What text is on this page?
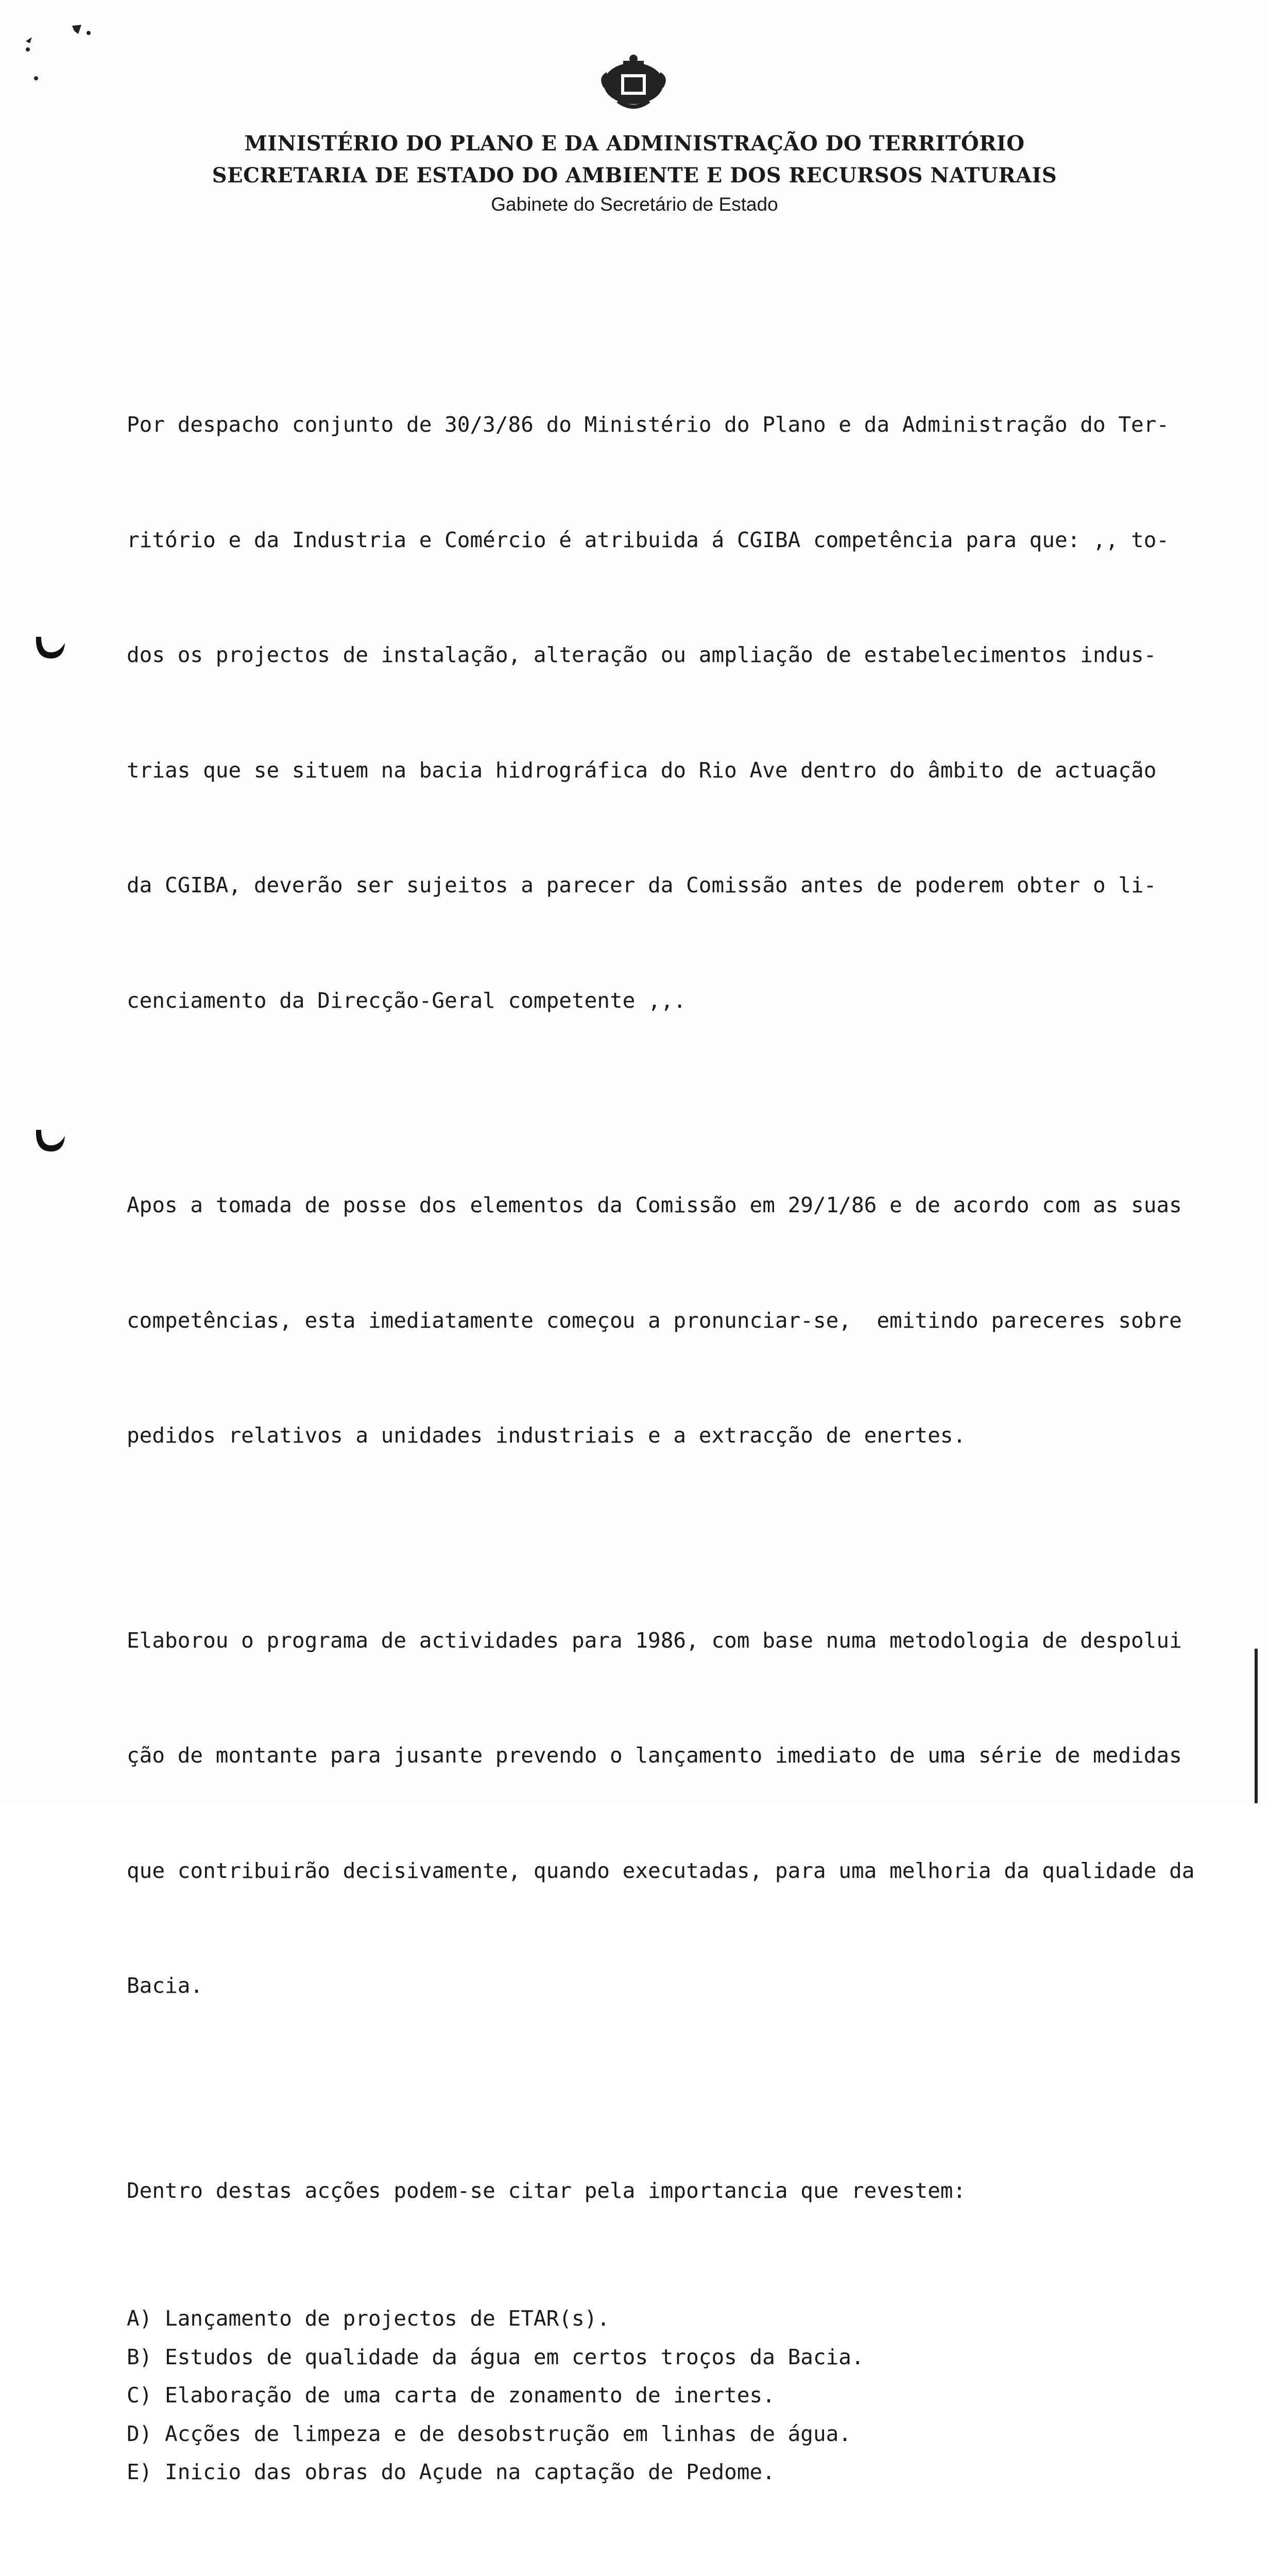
MINISTÉRIO DO PLANO E DA ADMINISTRAÇÃO DO TERRITÓRIO
SECRETARIA DE ESTADO DO AMBIENTE E DOS RECURSOS NATURAIS
Gabinete do Secretário de Estado

Por despacho conjunto de 30/3/86 do Ministério do Plano e da Administração do Ter-

ritório e da Industria e Comércio é atribuida á CGIBA competência para que: ,, to-

dos os projectos de instalação, alteração ou ampliação de estabelecimentos indus-

trias que se situem na bacia hidrográfica do Rio Ave dentro do âmbito de actuação

da CGIBA, deverão ser sujeitos a parecer da Comissão antes de poderem obter o li-

cenciamento da Direcção-Geral competente ,,.

Apos a tomada de posse dos elementos da Comissão em 29/1/86 e de acordo com as suas

competências, esta imediatamente começou a pronunciar-se,  emitindo pareceres sobre

pedidos relativos a unidades industriais e a extracção de enertes.

Elaborou o programa de actividades para 1986, com base numa metodologia de despolui

ção de montante para jusante prevendo o lançamento imediato de uma série de medidas

que contribuirão decisivamente, quando executadas, para uma melhoria da qualidade da

Bacia.

Dentro destas acções podem-se citar pela importancia que revestem:

A) Lançamento de projectos de ETAR(s).
B) Estudos de qualidade da água em certos troços da Bacia.
C) Elaboração de uma carta de zonamento de inertes.
D) Acções de limpeza e de desobstrução em linhas de água.
E) Inicio das obras do Açude na captação de Pedome.
